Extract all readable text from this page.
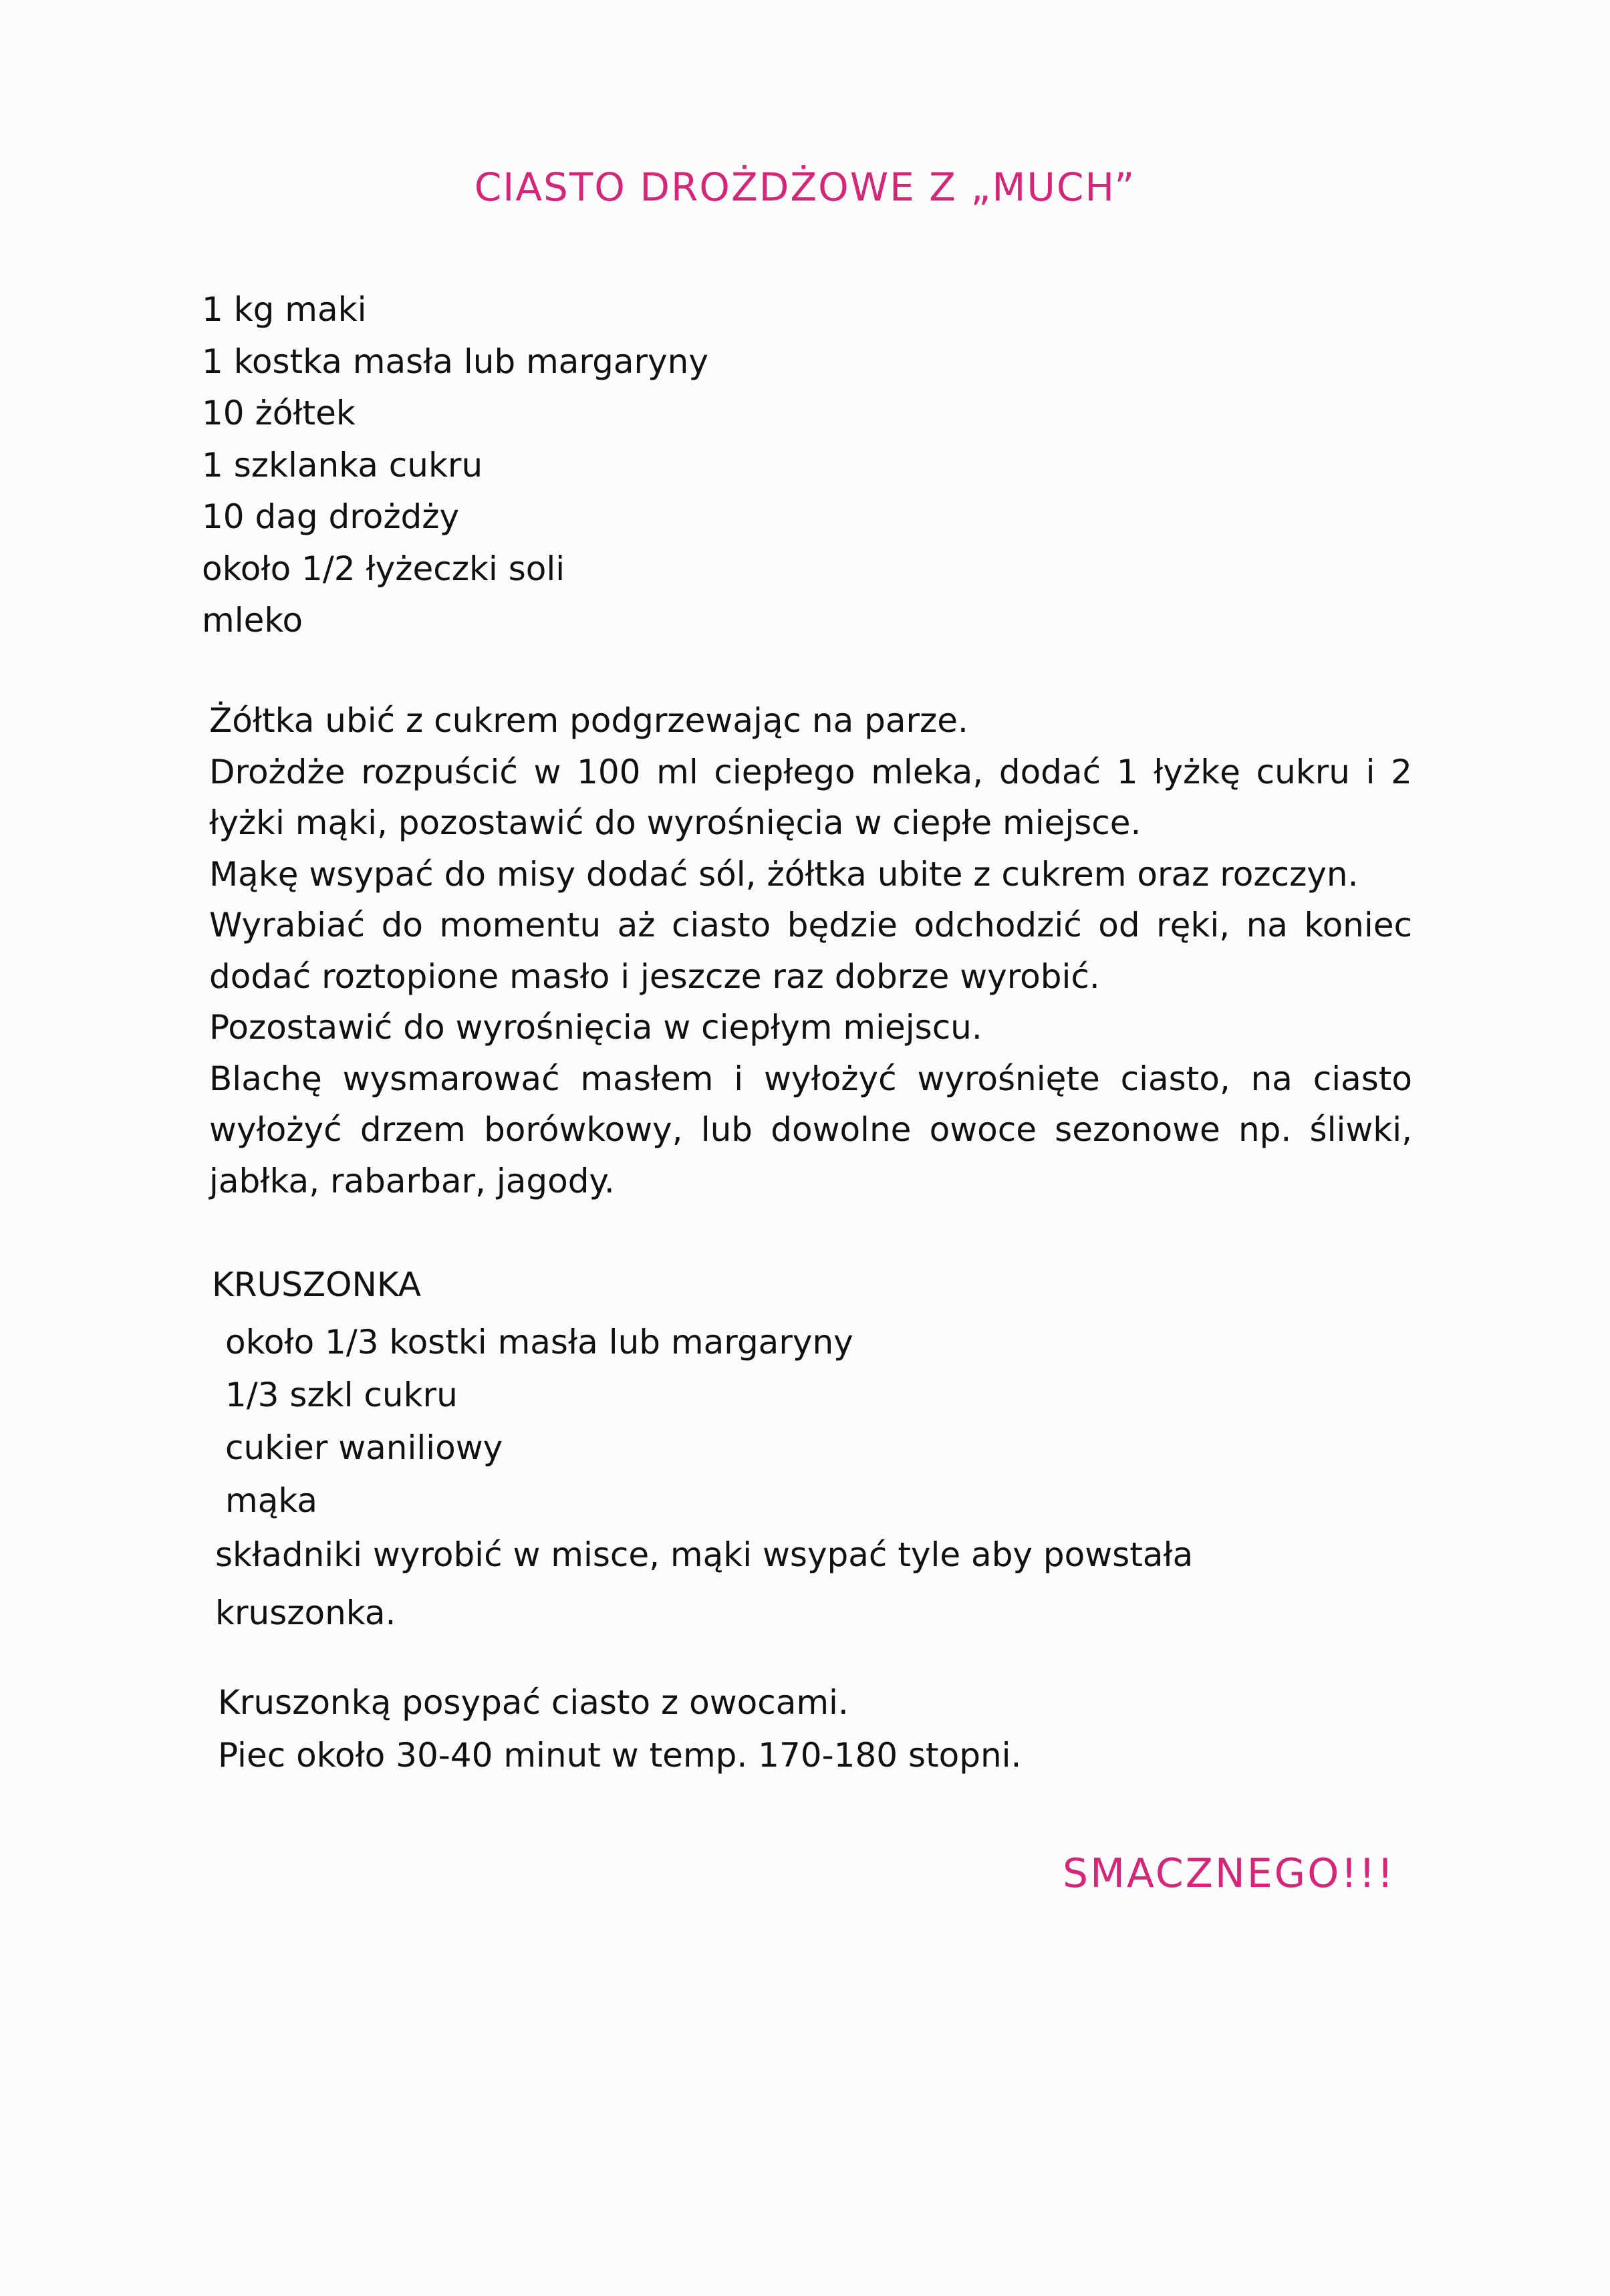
CIASTO DROŻDŻOWE Z „MUCH”
1 kg maki
1 kostka masła lub margaryny
10 żółtek
1 szklanka cukru
10 dag drożdży
około 1/2 łyżeczki soli
mleko

Żółtka ubić z cukrem podgrzewając na parze.

Drożdże rozpuścić w 100 ml ciepłego mleka, dodać 1 łyżkę cukru i 2 łyżki mąki, pozostawić do wyrośnięcia w ciepłe miejsce.

Mąkę wsypać do misy dodać sól, żółtka ubite z cukrem oraz rozczyn.

Wyrabiać do momentu aż ciasto będzie odchodzić od ręki, na koniec dodać roztopione masło i jeszcze raz dobrze wyrobić.

Pozostawić do wyrośnięcia w ciepłym miejscu.

Blachę wysmarować masłem i wyłożyć wyrośnięte ciasto, na ciasto wyłożyć drzem borówkowy, lub dowolne owoce sezonowe np. śliwki, jabłka, rabarbar, jagody.

KRUSZONKA
około 1/3 kostki masła lub margaryny
1/3 szkl cukru
cukier waniliowy
mąka

składniki wyrobić w misce, mąki wsypać tyle aby powstała kruszonka.

Kruszonką posypać ciasto z owocami.

Piec około 30-40 minut w temp. 170-180 stopni.

SMACZNEGO!!!
